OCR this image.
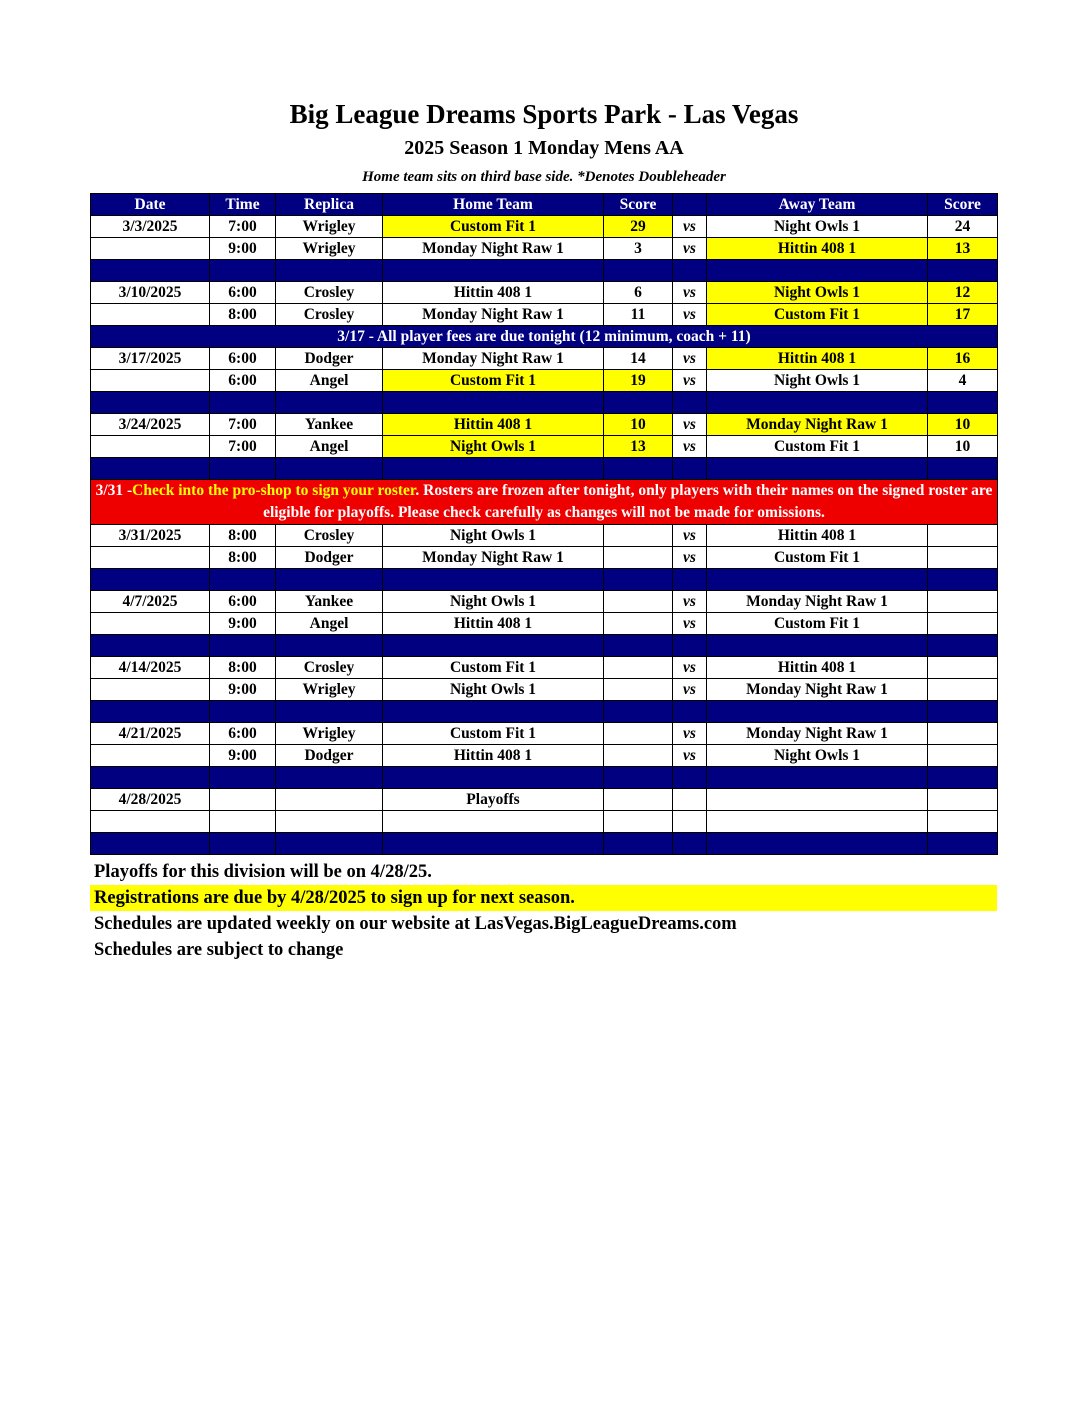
Big League Dreams Sports Park - Las Vegas
2025 Season 1 Monday Mens AA
Home team sits on third base side. *Denotes Doubleheader
Date	Time	Replica	Home Team	Score		Away Team	Score
3/3/2025	7:00	Wrigley	Custom Fit 1	29	vs	Night Owls 1	24
	9:00	Wrigley	Monday Night Raw 1	3	vs	Hittin 408 1	13

3/10/2025	6:00	Crosley	Hittin 408 1	6	vs	Night Owls 1	12
	8:00	Crosley	Monday Night Raw 1	11	vs	Custom Fit 1	17
3/17 - All player fees are due tonight (12 minimum, coach + 11)							
3/17/2025	6:00	Dodger	Monday Night Raw 1	14	vs	Hittin 408 1	16
	6:00	Angel	Custom Fit 1	19	vs	Night Owls 1	4

3/24/2025	7:00	Yankee	Hittin 408 1	10	vs	Monday Night Raw 1	10
	7:00	Angel	Night Owls 1	13	vs	Custom Fit 1	10

3/31 -Check into the pro-shop to sign your roster. Rosters are frozen after tonight, only players with their names on the signed roster are eligible for playoffs. Please check carefully as changes will not be made for omissions.							
3/31/2025	8:00	Crosley	Night Owls 1		vs	Hittin 408 1	
	8:00	Dodger	Monday Night Raw 1		vs	Custom Fit 1	

4/7/2025	6:00	Yankee	Night Owls 1		vs	Monday Night Raw 1	
	9:00	Angel	Hittin 408 1		vs	Custom Fit 1	

4/14/2025	8:00	Crosley	Custom Fit 1		vs	Hittin 408 1	
	9:00	Wrigley	Night Owls 1		vs	Monday Night Raw 1	

4/21/2025	6:00	Wrigley	Custom Fit 1		vs	Monday Night Raw 1	
	9:00	Dodger	Hittin 408 1		vs	Night Owls 1	

4/28/2025			Playoffs				

Playoffs for this division will be on 4/28/25.
Registrations are due by 4/28/2025 to sign up for next season.
Schedules are updated weekly on our website at LasVegas.BigLeagueDreams.com
Schedules are subject to change
